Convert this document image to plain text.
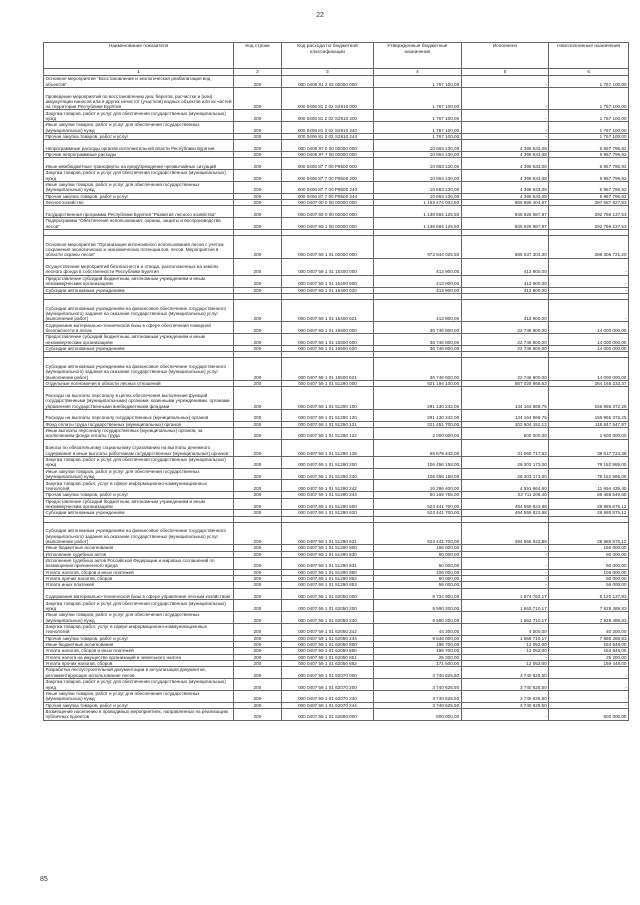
22
Наименование показателя	Код строки	Код расхода по бюджетной классификации	Утвержденные бюджетные назначения	Исполнено	Неисполненные назначения
1	2	3	4	5	6
Основное мероприятие "Восстановление и экологическая реабилитация вод объектов"	200	000 0406 81 2 02 00000 000	1 767 100,00	-	1 767 100,00
Проведение мероприятий по восстановлению дна, берегов, расчистке и (или) аккумуляции наносов ила и других нечистот (участков) водных объектов или их частей на территории Республики Бурятия	200	000 0406 81 2 02 S2910 000	1 767 100,00	-	1 767 100,00
Закупка товаров, работ и услуг для обеспечения государственных (муниципальных) нужд	200	000 0406 81 2 02 S2910 200	1 767 100,00	-	1 767 100,00
Иные закупки товаров, работ и услуг для обеспечения государственных (муниципальных) нужд	200	000 0406 81 2 02 S2910 240	1 767 100,00	-	1 767 100,00
Прочая закупка товаров, работ и услуг	200	000 0406 81 2 02 S2910 244	1 767 100,00	-	1 767 100,00
Непрограммные расходы органов исполнительной власти Республики Бурятия	200	000 0406 87 0 00 00000 000	10 663 130,00	4 395 533,08	5 967 796,92
Прочие непрограммные расходы	200	000 0406 87 7 00 00000 000	10 663 130,00	4 395 533,08	5 967 796,92
Иные межбюджетные трансферты на предупреждение чрезвычайных ситуаций	200	000 0406 87 7 00 P9500 000	10 663 130,00	4 395 533,08	5 967 796,92
Закупка товаров, работ и услуг для обеспечения государственных (муниципальных) нужд	200	000 0406 87 7 00 P9500 200	10 663 130,00	4 395 533,08	5 967 796,92
Иные закупки товаров, работ и услуг для обеспечения государственных (муниципальных) нужд	200	000 0406 87 7 00 P9500 240	10 663 130,00	4 395 533,08	5 967 796,92
Прочая закупка товаров, работ и услуг	200	000 0406 87 7 00 P9500 244	10 663 130,00	4 395 533,08	5 967 796,92
Лесное хозяйство	200	000 0407 00 0 00 00000 000	1 153 474 032,50	865 886 404,67	287 587 627,83
Государственная программа Республики Бурятия "Развитие лесного хозяйства"	200	000 0407 59 0 00 00000 000	1 138 694 125,50	845 925 987,97	292 768 137,53
Подпрограмма "Обеспечение использования, охраны, защиты и воспроизводства лесов"	200	000 0407 59 1 00 00000 000	1 138 694 125,50	845 925 987,97	292 768 137,53

Основное мероприятие "Организация интенсивного использования лесов с учетом сохранения экологических и экономических потенциалов, лесов. Мероприятия в области охраны лесов"	200	000 0407 59 1 01 00000 000	973 844 025,50	685 537 304,30	288 306 721,20
Осуществление мероприятий безопасности и отвода, расположенных на землях лесного фонда в собственности Республики Бурятия	200	000 0407 59 1 01 15400 000	413 900,00	413 900,00	-
Предоставление субсидий бюджетным, автономным учреждениям и иным некоммерческим организациям	200	000 0407 59 1 01 15400 600	413 900,00	413 900,00	-
Субсидии автономным учреждениям	200	000 0407 59 1 01 15400 620	413 900,00	413 900,00	-

Субсидии автономным учреждениям на финансовое обеспечение государственного (муниципального) задания на оказание государственных (муниципальных) услуг (выполнение работ)	200	000 0407 59 1 01 15400 621	413 900,00	413 900,00	-
Содержание материально-технической базы в сфере обеспечения пожарной безопасности в лесах	200	000 0407 59 1 01 15500 000	36 746 800,00	22 746 800,00	14 000 000,00
Предоставление субсидий бюджетным, автономным учреждениям и иным некоммерческим организациям	200	000 0407 59 1 01 15500 600	36 746 800,00	22 746 800,00	14 000 000,00
Субсидии автономным учреждениям	200	000 0407 59 1 01 15500 620	36 746 800,00	22 746 800,00	14 000 000,00

Субсидии автономным учреждениям на финансовое обеспечение государственного (муниципального) задания на оказание государственных (муниципальных) услуг (выполнение работ)	200	000 0407 59 1 01 15500 621	36 746 800,00	22 746 800,00	14 000 000,00
Отдельные полномочия в области лесных отношений	200	000 0407 59 1 01 51290 000	921 194 100,00	657 028 866,63	264 165 233,37
Расходы на выплаты персоналу в целях обеспечения выполнения функций государственными (муниципальными) органами, казенными учреждениями, органами управления государственными внебюджетными фондами	200	000 0407 59 1 01 51290 100	291 130 242,00	134 164 869,75	156 965 372,25
Расходы на выплаты персоналу государственных (муниципальных) органов	200	000 0407 59 1 01 51290 120	291 130 242,00	134 164 869,75	156 965 372,25
Фонд оплаты труда государственных (муниципальных) органов	200	000 0407 59 1 01 51290 121	221 451 700,00	102 604 152,13	118 847 547,87
Иные выплаты персоналу государственных (муниципальных) органов, за исключением фонда оплаты труда	200	000 0407 59 1 01 51290 122	2 000 000,00	500 000,00	1 500 000,00
Взносы по обязательному социальному страхованию на выплаты денежного содержания и иные выплаты работникам государственных (муниципальных) органов	200	000 0407 59 1 01 51290 129	69 678 442,00	31 060 717,62	38 617 724,38
Закупка товаров, работ и услуг для обеспечения государственных (муниципальных) нужд	200	000 0407 59 1 01 51290 200	106 456 158,00	28 303 173,00	78 152 985,00
Иные закупки товаров, работ и услуг для обеспечения государственных (муниципальных) нужд	200	000 0407 59 1 01 51290 240	106 456 158,00	28 303 173,00	78 152 985,00
Закупка товаров, работ, услуг в сфере информационно-коммуникационных технологий	200	000 0407 59 1 01 51290 242	16 286 400,00	4 591 964,60	11 694 435,40
Прочая закупка товаров, работ и услуг	200	000 0407 59 1 01 51290 244	90 169 758,00	23 711 208,40	66 458 549,60
Предоставление субсидий бюджетным, автономным учреждениям и иным некоммерческим организациям	200	000 0407 59 1 01 51290 600	523 441 700,00	494 555 823,88	28 885 876,12
Субсидии автономным учреждениям	200	000 0407 59 1 01 51290 620	523 441 700,00	494 555 823,88	28 885 876,12

Субсидии автономным учреждениям на финансовое обеспечение государственного (муниципального) задания на оказание государственных (муниципальных) услуг (выполнение работ)	200	000 0407 59 1 01 51290 621	523 441 700,00	494 555 823,88	28 885 876,12
Иные бюджетные ассигнования	200	000 0407 59 1 01 51290 800	166 000,00	-	166 000,00
Исполнение судебных актов	200	000 0407 59 1 01 51290 830	50 000,00	-	50 000,00
Исполнение судебных актов Российской Федерации и мировых соглашений по возмещению причиненного вреда	200	000 0407 59 1 01 51290 831	50 000,00	-	50 000,00
Уплата налогов, сборов и иных платежей	200	000 0407 59 1 01 51290 850	106 000,00	-	106 000,00
Уплата прочих налогов, сборов	200	000 0407 59 1 01 51290 852	50 000,00	-	50 000,00
Уплата иных платежей	200	000 0407 59 1 01 51290 853	56 000,00	-	56 000,00
Содержание материально-технической базы в сфере управления лесным хозяйством	200	000 0407 59 1 01 62050 000	9 734 900,00	1 674 762,17	8 120 137,83
Закупка товаров, работ и услуг для обеспечения государственных (муниципальных) нужд	200	000 0407 59 1 01 62050 200	9 590 200,00	1 662 710,17	7 928 489,83
Иные закупки товаров, работ и услуг для обеспечения государственных (муниципальных) нужд	200	000 0407 59 1 01 62050 240	9 590 200,00	1 662 710,17	7 928 489,83
Закупка товаров, работ, услуг в сфере информационно-коммуникационных технологий	200	000 0407 59 1 01 62050 242	44 200,00	4 000,00	40 200,00
Прочая закупка товаров, работ и услуг	200	000 0407 59 1 01 62050 244	9 546 000,00	1 658 710,17	7 888 289,83
Иные бюджетные ассигнования	200	000 0407 59 1 01 62050 800	196 700,00	12 052,00	184 648,00
Уплата налогов, сборов и иных платежей	200	000 0407 59 1 01 62050 850	196 700,00	12 052,00	184 648,00
Уплата налога на имущество организаций и земельного налога	200	000 0407 59 1 01 62050 851	25 200,00	-	25 200,00
Уплата прочих налогов, сборов	200	000 0407 59 1 01 62050 852	171 500,00	12 052,00	159 448,00
Разработка лесоустроительной документации и актуализация документов, регламентирующих использование лесов	200	000 0407 59 1 01 62070 000	3 740 625,50	3 740 625,50	-
Закупка товаров, работ и услуг для обеспечения государственных (муниципальных) нужд	200	000 0407 59 1 01 62070 200	3 740 625,50	3 740 625,50	-
Иные закупки товаров, работ и услуг для обеспечения государственных (муниципальных) нужд	200	000 0407 59 1 01 62070 240	3 740 625,50	3 740 625,50	-
Прочая закупка товаров, работ и услуг	200	000 0407 59 1 01 62070 244	3 740 625,50	3 740 625,50	-
Возмещение населению в проводимых мероприятиях, направленных на реализацию публичных проектов	200	000 0407 59 1 01 62880 000	500 000,00	-	500 000,00
85
